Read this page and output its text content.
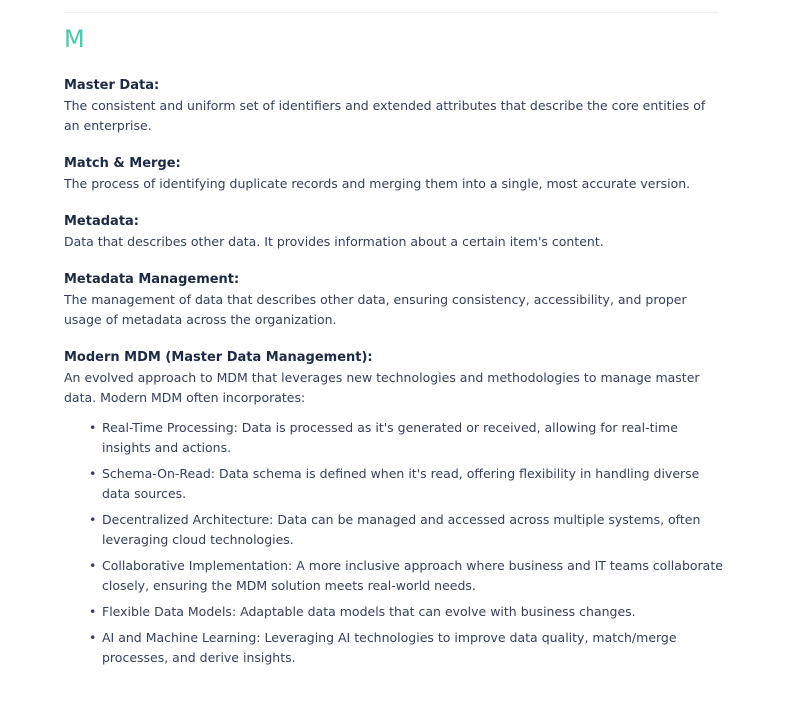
M

Master Data:

The consistent and uniform set of identifiers and extended attributes that describe the core entities of an enterprise.

Match & Merge:

The process of identifying duplicate records and merging them into a single, most accurate version.

Metadata:

Data that describes other data. It provides information about a certain item's content.

Metadata Management:

The management of data that describes other data, ensuring consistency, accessibility, and proper usage of metadata across the organization.

Modern MDM (Master Data Management):

An evolved approach to MDM that leverages new technologies and methodologies to manage master data. Modern MDM often incorporates:

• Real-Time Processing: Data is processed as it's generated or received, allowing for real-time insights and actions.
• Schema-On-Read: Data schema is defined when it's read, offering flexibility in handling diverse data sources.
• Decentralized Architecture: Data can be managed and accessed across multiple systems, often leveraging cloud technologies.
• Collaborative Implementation: A more inclusive approach where business and IT teams collaborate closely, ensuring the MDM solution meets real-world needs.
• Flexible Data Models: Adaptable data models that can evolve with business changes.
• AI and Machine Learning: Leveraging AI technologies to improve data quality, match/merge processes, and derive insights.
